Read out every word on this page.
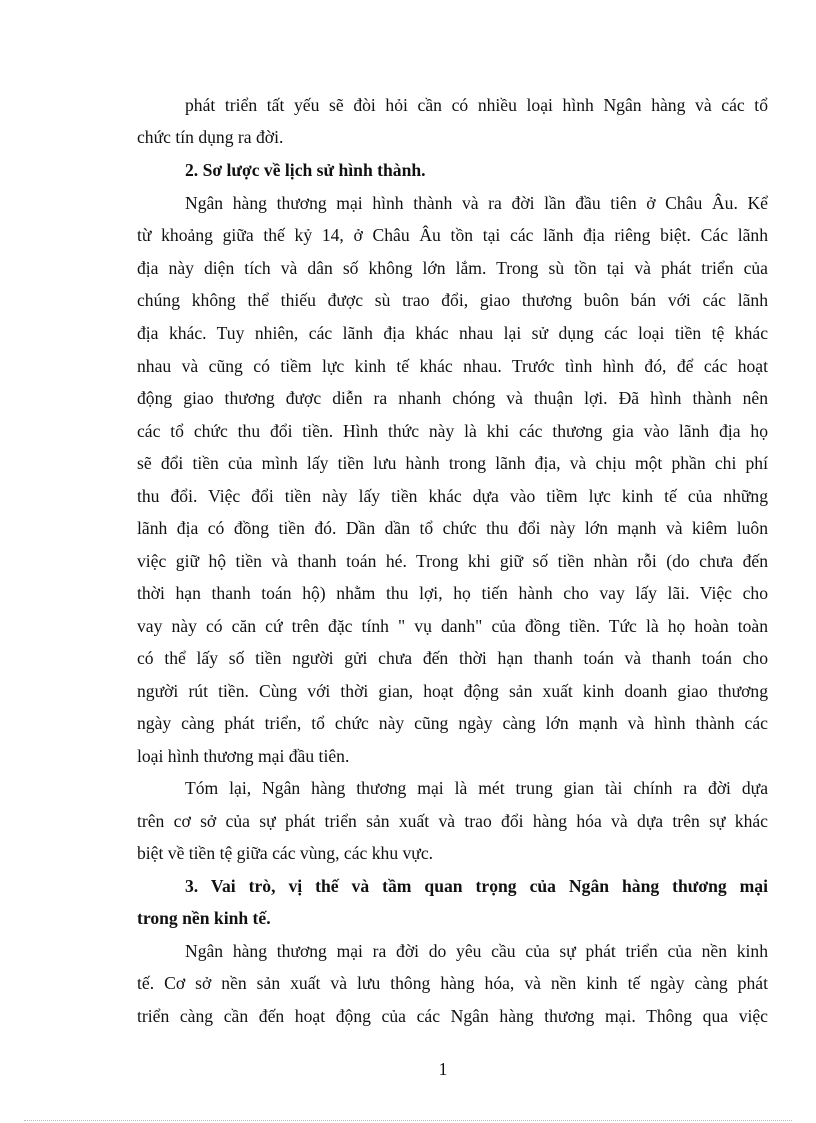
phát triển tất yếu sẽ đòi hỏi cần có nhiều loại hình Ngân hàng và các tổ
chức tín dụng ra đời.
2. Sơ lược về lịch sử hình thành.
Ngân hàng thương mại hình thành và ra đời lần đầu tiên ở Châu Âu. Kể
từ khoảng giữa thế kỷ 14, ở Châu Âu tồn tại các lãnh địa riêng biệt. Các lãnh
địa này diện tích và dân số không lớn lắm. Trong sù tồn tại và phát triển của
chúng không thể thiếu được sù trao đổi, giao thương buôn bán với các lãnh
địa khác. Tuy nhiên, các lãnh địa khác nhau lại sử dụng các loại tiền tệ khác
nhau và cũng có tiềm lực kinh tế khác nhau. Trước tình hình đó, để các hoạt
động giao thương được diễn ra nhanh chóng và thuận lợi. Đã hình thành nên
các tổ chức thu đổi tiền. Hình thức này là khi các thương gia vào lãnh địa họ
sẽ đổi tiền của mình lấy tiền lưu hành trong lãnh địa, và chịu một phần chi phí
thu đổi. Việc đổi tiền này lấy tiền khác dựa vào tiềm lực kinh tế của những
lãnh địa có đồng tiền đó. Dần dần tổ chức thu đổi này lớn mạnh và kiêm luôn
việc giữ hộ tiền và thanh toán hé. Trong khi giữ số tiền nhàn rỗi (do chưa đến
thời hạn thanh toán hộ) nhằm thu lợi, họ tiến hành cho vay lấy lãi. Việc cho
vay này có căn cứ trên đặc tính " vụ danh" của đồng tiền. Tức là họ hoàn toàn
có thể lấy số tiền người gửi chưa đến thời hạn thanh toán và thanh toán cho
người rút tiền. Cùng với thời gian, hoạt động sản xuất kinh doanh giao thương
ngày càng phát triển, tổ chức này cũng ngày càng lớn mạnh và hình thành các
loại hình thương mại đầu tiên.
Tóm lại, Ngân hàng thương mại là mét trung gian tài chính ra đời dựa
trên cơ sở của sự phát triển sản xuất và trao đổi hàng hóa và dựa trên sự khác
biệt về tiền tệ giữa các vùng, các khu vực.
3. Vai trò, vị thế và tầm quan trọng của Ngân hàng thương mại
trong nền kinh tế.
Ngân hàng thương mại ra đời do yêu cầu của sự phát triển của nền kinh
tế. Cơ sở nền sản xuất và lưu thông hàng hóa, và nền kinh tế ngày càng phát
triển càng cần đến hoạt động của các Ngân hàng thương mại. Thông qua việc
1
